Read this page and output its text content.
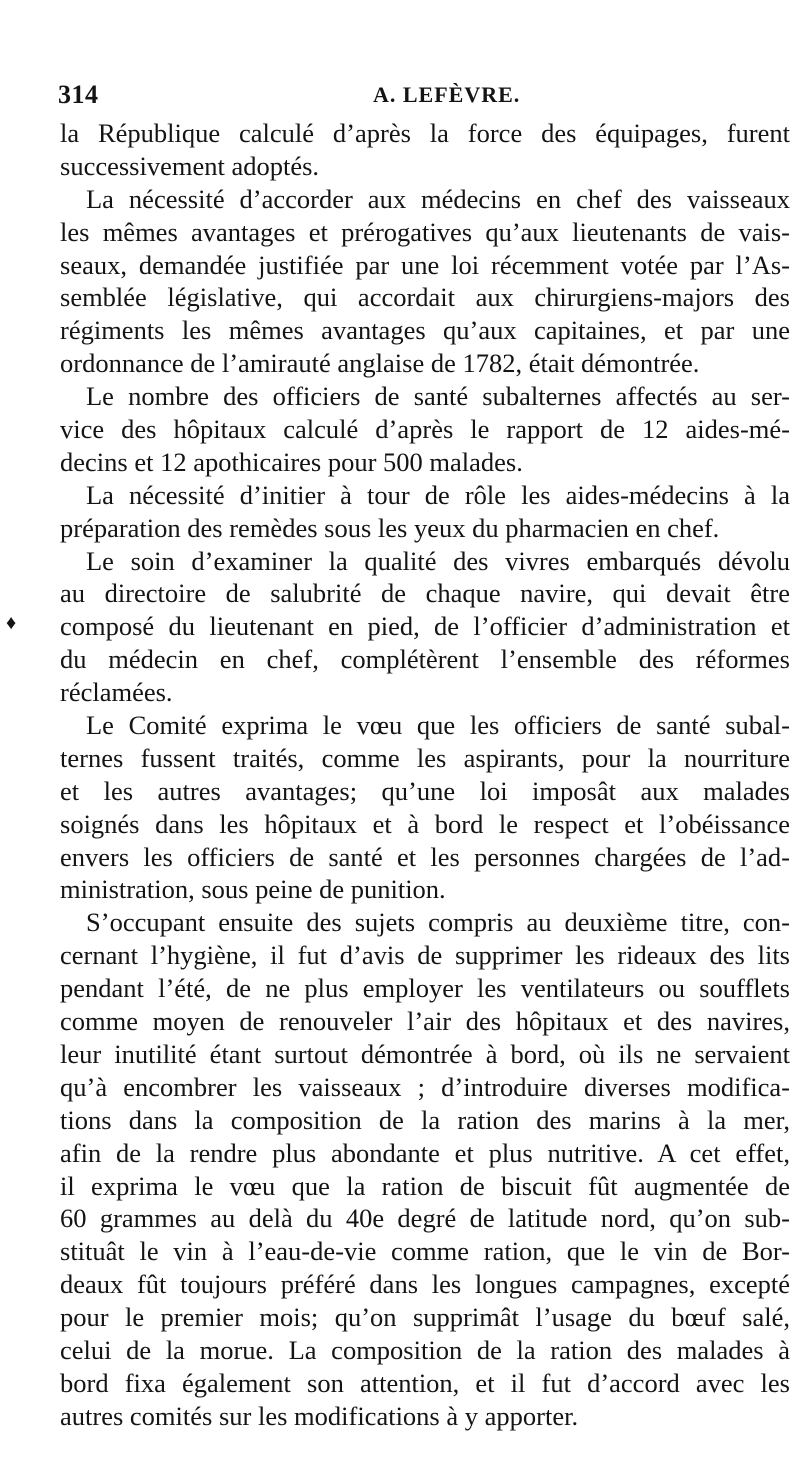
314	A. LEFÈVRE.
♦
la République calculé d’après la force des équipages, furent
successivement adoptés.
La nécessité d’accorder aux médecins en chef des vaisseaux
les mêmes avantages et prérogatives qu’aux lieutenants de vais-
seaux, demandée justifiée par une loi récemment votée par l’As-
semblée législative, qui accordait aux chirurgiens-majors des
régiments les mêmes avantages qu’aux capitaines, et par une
ordonnance de l’amirauté anglaise de 1782, était démontrée.
Le nombre des officiers de santé subalternes affectés au ser-
vice des hôpitaux calculé d’après le rapport de 12 aides-mé-
decins et 12 apothicaires pour 500 malades.
La nécessité d’initier à tour de rôle les aides-médecins à la
préparation des remèdes sous les yeux du pharmacien en chef.
Le soin d’examiner la qualité des vivres embarqués dévolu
au directoire de salubrité de chaque navire, qui devait être
composé du lieutenant en pied, de l’officier d’administration et
du médecin en chef, complétèrent l’ensemble des réformes
réclamées.
Le Comité exprima le vœu que les officiers de santé subal-
ternes fussent traités, comme les aspirants, pour la nourriture
et les autres avantages; qu’une loi imposât aux malades
soignés dans les hôpitaux et à bord le respect et l’obéissance
envers les officiers de santé et les personnes chargées de l’ad-
ministration, sous peine de punition.
S’occupant ensuite des sujets compris au deuxième titre, con-
cernant l’hygiène, il fut d’avis de supprimer les rideaux des lits
pendant l’été, de ne plus employer les ventilateurs ou soufflets
comme moyen de renouveler l’air des hôpitaux et des navires,
leur inutilité étant surtout démontrée à bord, où ils ne servaient
qu’à encombrer les vaisseaux ; d’introduire diverses modifica-
tions dans la composition de la ration des marins à la mer,
afin de la rendre plus abondante et plus nutritive. A cet effet,
il exprima le vœu que la ration de biscuit fût augmentée de
60 grammes au delà du 40e degré de latitude nord, qu’on sub-
stituât le vin à l’eau-de-vie comme ration, que le vin de Bor-
deaux fût toujours préféré dans les longues campagnes, excepté
pour le premier mois; qu’on supprimât l’usage du bœuf salé,
celui de la morue. La composition de la ration des malades à
bord fixa également son attention, et il fut d’accord avec les
autres comités sur les modifications à y apporter.
